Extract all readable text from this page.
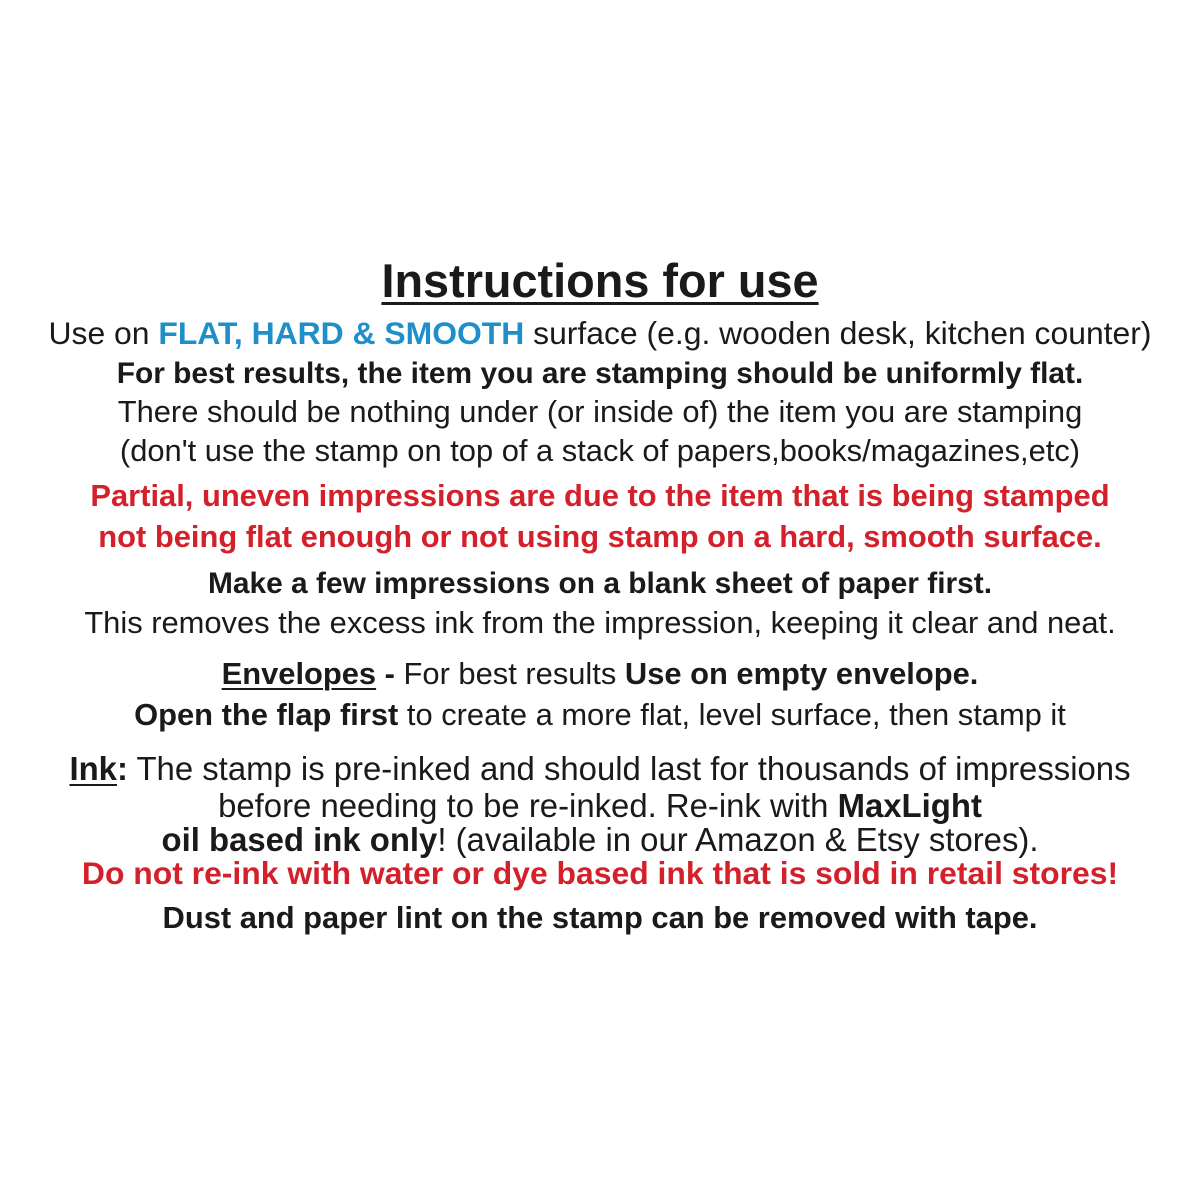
Instructions for use
Use on FLAT, HARD & SMOOTH surface (e.g. wooden desk, kitchen counter)
For best results, the item you are stamping should be uniformly flat.
There should be nothing under (or inside of) the item you are stamping
(don't use the stamp on top of a stack of papers,books/magazines,etc)
Partial, uneven impressions are due to the item that is being stamped
not being flat enough or not using stamp on a hard, smooth surface.
Make a few impressions on a blank sheet of paper first.
This removes the excess ink from the impression, keeping it clear and neat.
Envelopes - For best results Use on empty envelope.
Open the flap first to create a more flat, level surface, then stamp it
Ink: The stamp is pre-inked and should last for thousands of impressions
before needing to be re-inked. Re-ink with MaxLight
oil based ink only! (available in our Amazon & Etsy stores).
Do not re-ink with water or dye based ink that is sold in retail stores!
Dust and paper lint on the stamp can be removed with tape.
